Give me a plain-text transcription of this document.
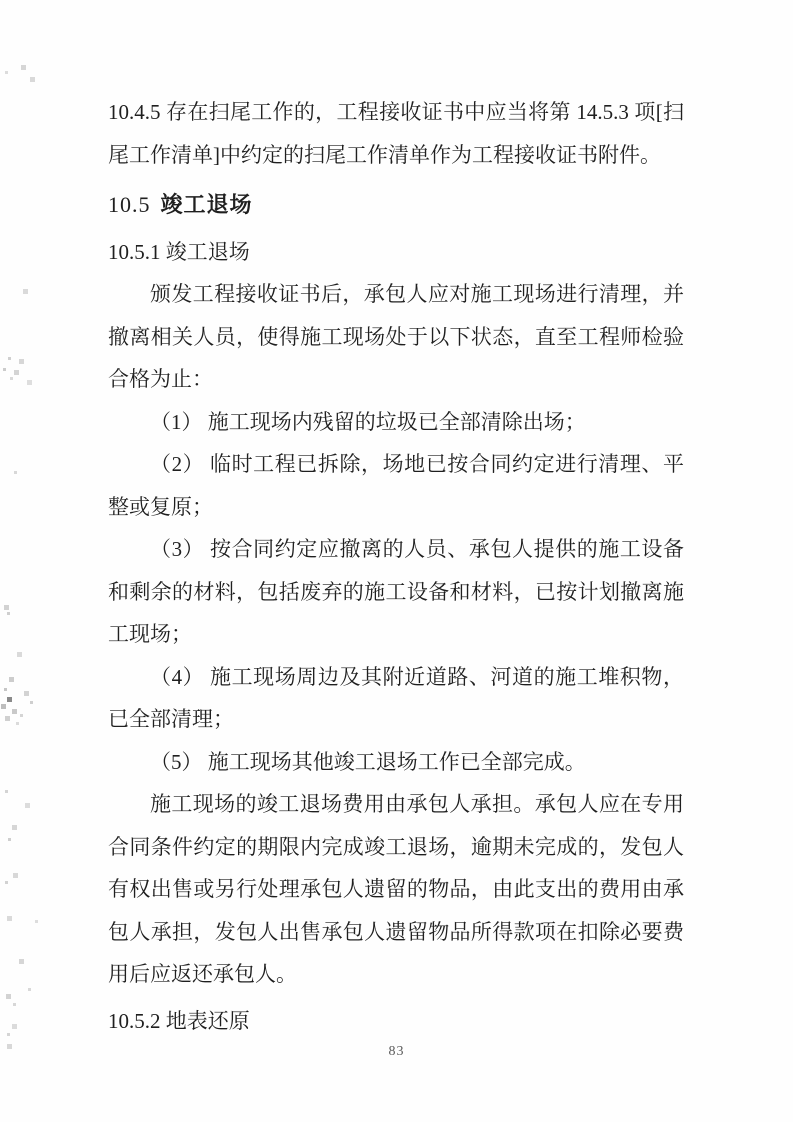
10.4.5 存在扫尾工作的，工程接收证书中应当将第 14.5.3 项[扫尾工作清单]中约定的扫尾工作清单作为工程接收证书附件。

10.5 竣工退场

10.5.1 竣工退场

颁发工程接收证书后，承包人应对施工现场进行清理，并撤离相关人员，使得施工现场处于以下状态，直至工程师检验合格为止：

（1） 施工现场内残留的垃圾已全部清除出场；

（2） 临时工程已拆除，场地已按合同约定进行清理、平整或复原；

（3） 按合同约定应撤离的人员、承包人提供的施工设备和剩余的材料，包括废弃的施工设备和材料，已按计划撤离施工现场；

（4） 施工现场周边及其附近道路、河道的施工堆积物，已全部清理；

（5） 施工现场其他竣工退场工作已全部完成。

施工现场的竣工退场费用由承包人承担。承包人应在专用合同条件约定的期限内完成竣工退场，逾期未完成的，发包人有权出售或另行处理承包人遗留的物品，由此支出的费用由承包人承担，发包人出售承包人遗留物品所得款项在扣除必要费用后应返还承包人。

10.5.2 地表还原

83
